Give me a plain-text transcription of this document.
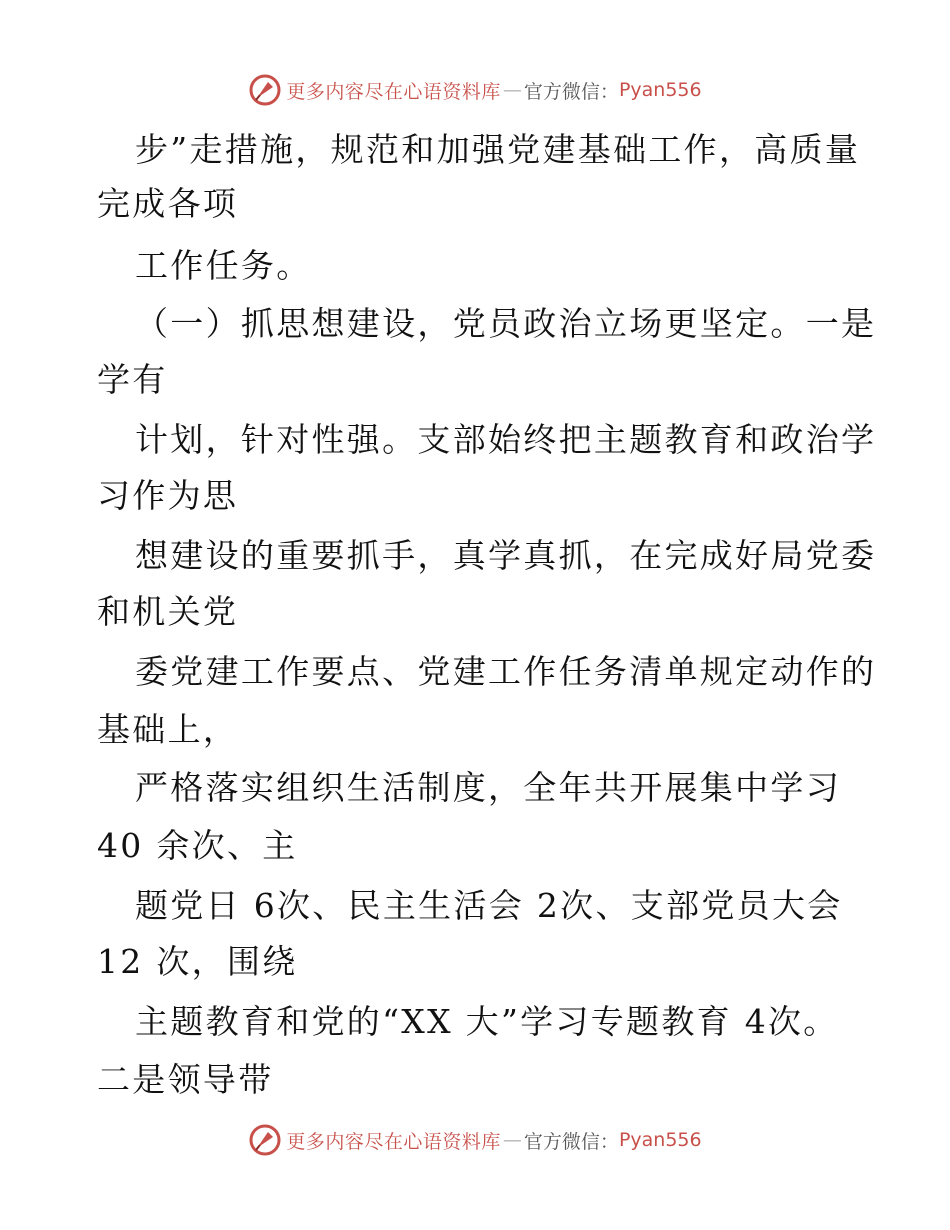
更多内容尽在心语资料库 — 官方微信： Pyan556
步”走措施，规范和加强党建基础工作，高质量
完成各项
工作任务。
（一）抓思想建设，党员政治立场更坚定。一是
学有
计划，针对性强。支部始终把主题教育和政治学
习作为思
想建设的重要抓手，真学真抓，在完成好局党委
和机关党
委党建工作要点、党建工作任务清单规定动作的
基础上，
严格落实组织生活制度，全年共开展集中学习
40 余次、主
题党日 6次、民主生活会 2次、支部党员大会
12 次，围绕
主题教育和党的“XX 大”学习专题教育 4次。
二是领导带
更多内容尽在心语资料库 — 官方微信： Pyan556
